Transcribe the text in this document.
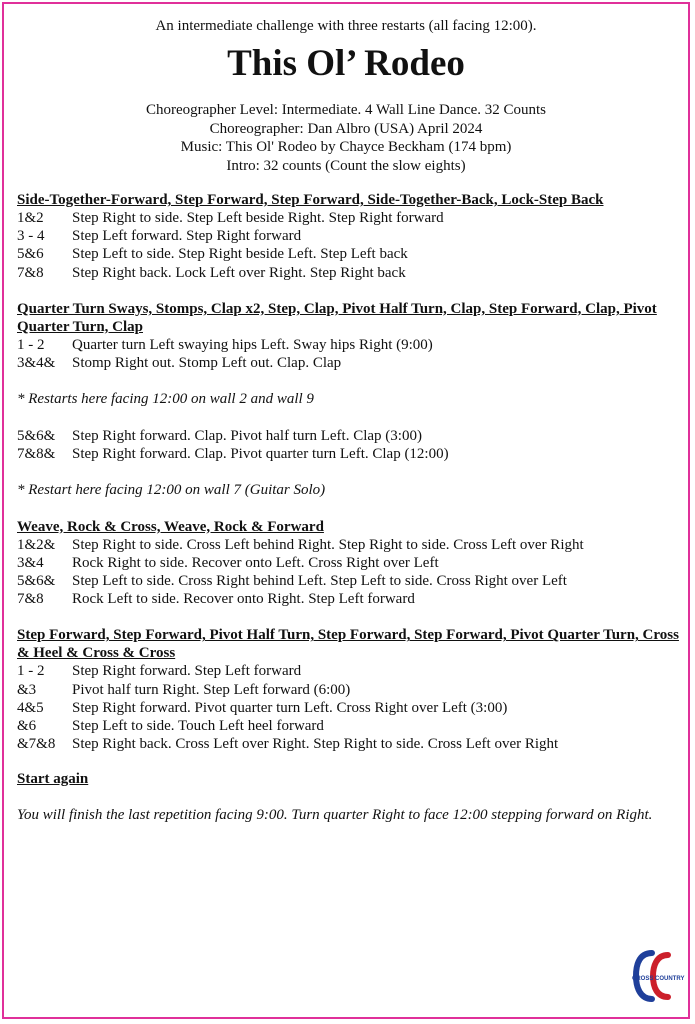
An intermediate challenge with three restarts (all facing 12:00).
This Ol’ Rodeo
Choreographer Level: Intermediate. 4 Wall Line Dance. 32 Counts
Choreographer: Dan Albro (USA) April 2024
Music: This Ol' Rodeo by Chayce Beckham (174 bpm)
Intro: 32 counts (Count the slow eights)
Side-Together-Forward, Step Forward, Step Forward, Side-Together-Back, Lock-Step Back
1&2	Step Right to side. Step Left beside Right. Step Right forward
3 - 4	Step Left forward. Step Right forward
5&6	Step Left to side. Step Right beside Left. Step Left back
7&8	Step Right back. Lock Left over Right. Step Right back
Quarter Turn Sways, Stomps, Clap x2, Step, Clap, Pivot Half Turn, Clap, Step Forward, Clap, Pivot Quarter Turn, Clap
1 - 2	Quarter turn Left swaying hips Left. Sway hips Right (9:00)
3&4&	Stomp Right out. Stomp Left out. Clap. Clap
* Restarts here facing 12:00 on wall 2 and wall 9
5&6&	Step Right forward. Clap. Pivot half turn Left. Clap (3:00)
7&8&	Step Right forward. Clap. Pivot quarter turn Left. Clap (12:00)
* Restart here facing 12:00 on wall 7 (Guitar Solo)
Weave, Rock & Cross, Weave, Rock & Forward
1&2&	Step Right to side. Cross Left behind Right. Step Right to side. Cross Left over Right
3&4	Rock Right to side. Recover onto Left. Cross Right over Left
5&6&	Step Left to side. Cross Right behind Left. Step Left to side. Cross Right over Left
7&8	Rock Left to side. Recover onto Right. Step Left forward
Step Forward, Step Forward, Pivot Half Turn, Step Forward, Step Forward, Pivot Quarter Turn, Cross & Heel & Cross & Cross
1 - 2	Step Right forward. Step Left forward
&3	Pivot half turn Right. Step Left forward (6:00)
4&5	Step Right forward. Pivot quarter turn Left. Cross Right over Left (3:00)
&6	Step Left to side. Touch Left heel forward
&7&8	Step Right back. Cross Left over Right. Step Right to side. Cross Left over Right
Start again
You will finish the last repetition facing 9:00. Turn quarter Right to face 12:00 stepping forward on Right.
CROSS COUNTRY
